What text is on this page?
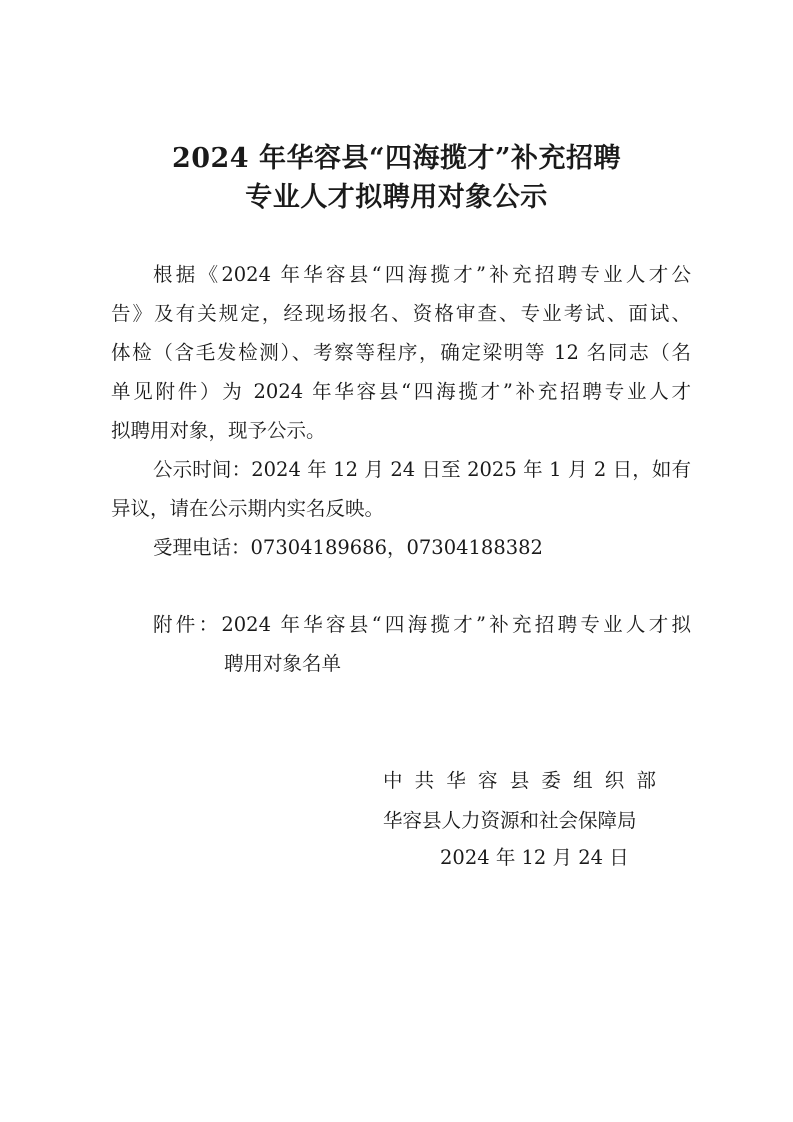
2024 年华容县“四海揽才”补充招聘
专业人才拟聘用对象公示
根据《2024 年华容县“四海揽才”补充招聘专业人才公
告》及有关规定，经现场报名、资格审查、专业考试、面试、
体检（含毛发检测）、考察等程序，确定梁明等 12 名同志（名
单见附件）为 2024 年华容县“四海揽才”补充招聘专业人才
拟聘用对象，现予公示。
公示时间：2024 年 12 月 24 日至 2025 年 1 月 2 日，如有
异议，请在公示期内实名反映。
受理电话：07304189686，07304188382
附件：2024 年华容县“四海揽才”补充招聘专业人才拟
聘用对象名单
中 共 华 容 县 委 组 织 部
华容县人力资源和社会保障局
2024 年 12 月 24 日
